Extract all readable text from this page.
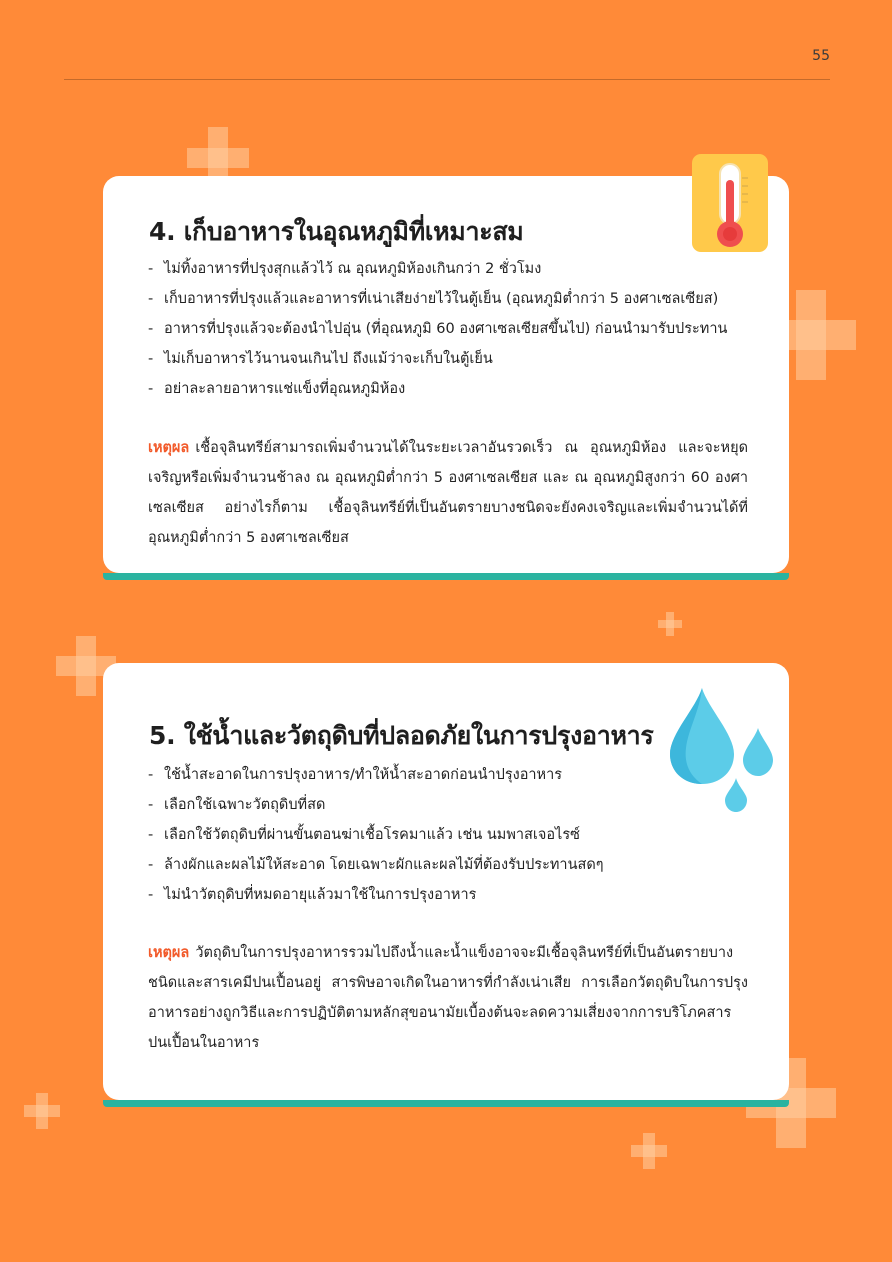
55
4. เก็บอาหารในอุณหภูมิที่เหมาะสม
- ไม่ทิ้งอาหารที่ปรุงสุกแล้วไว้ ณ อุณหภูมิห้องเกินกว่า 2 ชั่วโมง
- เก็บอาหารที่ปรุงแล้วและอาหารที่เน่าเสียง่ายไว้ในตู้เย็น (อุณหภูมิต่ำกว่า 5 องศาเซลเซียส)
- อาหารที่ปรุงแล้วจะต้องนำไปอุ่น (ที่อุณหภูมิ 60 องศาเซลเซียสขึ้นไป) ก่อนนำมารับประทาน
- ไม่เก็บอาหารไว้นานจนเกินไป ถึงแม้ว่าจะเก็บในตู้เย็น
- อย่าละลายอาหารแช่แข็งที่อุณหภูมิห้อง

เหตุผล เชื้อจุลินทรีย์สามารถเพิ่มจำนวนได้ในระยะเวลาอันรวดเร็ว ณ อุณหภูมิห้อง และจะหยุดเจริญหรือเพิ่มจำนวนช้าลง ณ อุณหภูมิต่ำกว่า 5 องศาเซลเซียส และ ณ อุณหภูมิสูงกว่า 60 องศาเซลเซียส อย่างไรก็ตาม เชื้อจุลินทรีย์ที่เป็นอันตรายบางชนิดจะยังคงเจริญและเพิ่มจำนวนได้ที่อุณหภูมิต่ำกว่า 5 องศาเซลเซียส

5. ใช้น้ำและวัตถุดิบที่ปลอดภัยในการปรุงอาหาร
- ใช้น้ำสะอาดในการปรุงอาหาร/ทำให้น้ำสะอาดก่อนนำปรุงอาหาร
- เลือกใช้เฉพาะวัตถุดิบที่สด
- เลือกใช้วัตถุดิบที่ผ่านขั้นตอนฆ่าเชื้อโรคมาแล้ว เช่น นมพาสเจอไรซ์
- ล้างผักและผลไม้ให้สะอาด โดยเฉพาะผักและผลไม้ที่ต้องรับประทานสดๆ
- ไม่นำวัตถุดิบที่หมดอายุแล้วมาใช้ในการปรุงอาหาร

เหตุผล วัตถุดิบในการปรุงอาหารรวมไปถึงน้ำและน้ำแข็งอาจจะมีเชื้อจุลินทรีย์ที่เป็นอันตรายบางชนิดและสารเคมีปนเปื้อนอยู่ สารพิษอาจเกิดในอาหารที่กำลังเน่าเสีย การเลือกวัตถุดิบในการปรุงอาหารอย่างถูกวิธีและการปฏิบัติตามหลักสุขอนามัยเบื้องต้นจะลดความเสี่ยงจากการบริโภคสารปนเปื้อนในอาหาร
